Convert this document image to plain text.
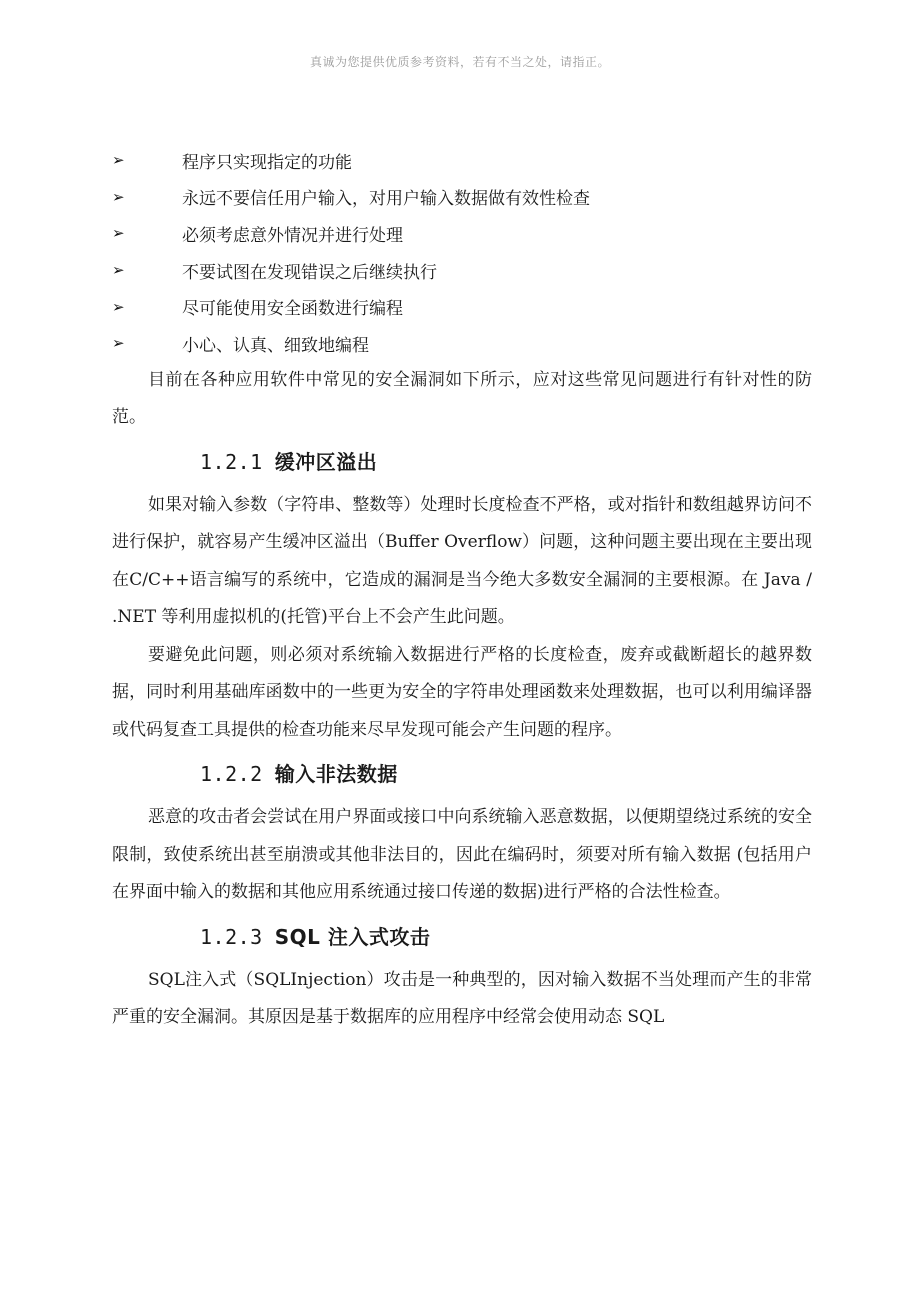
真诚为您提供优质参考资料，若有不当之处，请指正。
➢	程序只实现指定的功能
➢	永远不要信任用户输入，对用户输入数据做有效性检查
➢	必须考虑意外情况并进行处理
➢	不要试图在发现错误之后继续执行
➢	尽可能使用安全函数进行编程
➢	小心、认真、细致地编程

目前在各种应用软件中常见的安全漏洞如下所示，应对这些常见问题进行有针对性的防范。

1.2.1 缓冲区溢出

如果对输入参数（字符串、整数等）处理时长度检查不严格，或对指针和数组越界访问不进行保护，就容易产生缓冲区溢出（Buffer Overflow）问题，这种问题主要出现在主要出现在C/C++语言编写的系统中，它造成的漏洞是当今绝大多数安全漏洞的主要根源。在 Java / .NET 等利用虚拟机的(托管)平台上不会产生此问题。

要避免此问题，则必须对系统输入数据进行严格的长度检查，废弃或截断超长的越界数据，同时利用基础库函数中的一些更为安全的字符串处理函数来处理数据，也可以利用编译器或代码复查工具提供的检查功能来尽早发现可能会产生问题的程序。

1.2.2 输入非法数据

恶意的攻击者会尝试在用户界面或接口中向系统输入恶意数据，以便期望绕过系统的安全限制，致使系统出甚至崩溃或其他非法目的，因此在编码时，须要对所有输入数据 (包括用户在界面中输入的数据和其他应用系统通过接口传递的数据)进行严格的合法性检查。

1.2.3 SQL 注入式攻击

SQL注入式（SQLInjection）攻击是一种典型的，因对输入数据不当处理而产生的非常严重的安全漏洞。其原因是基于数据库的应用程序中经常会使用动态 SQL
